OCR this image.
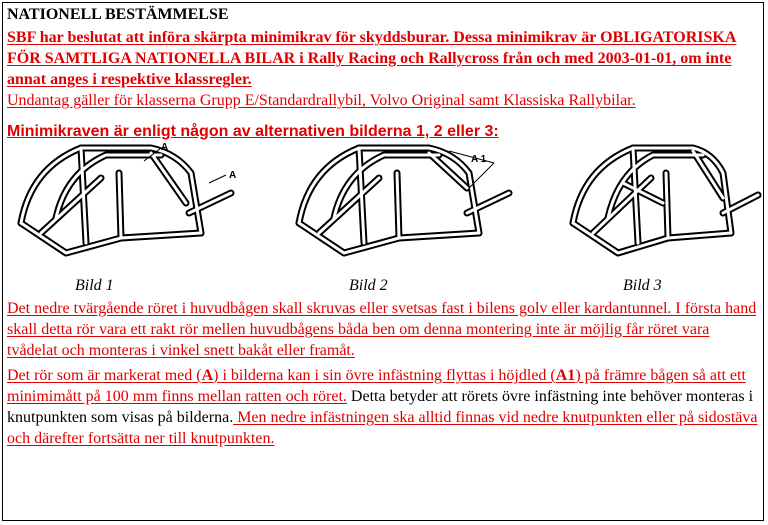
NATIONELL BESTÄMMELSE

SBF har beslutat att införa skärpta minimikrav för skyddsburar. Dessa minimikrav är OBLIGATORISKA FÖR SAMTLIGA NATIONELLA BILAR i Rally Racing och Rallycross från och med 2003-01-01, om inte annat anges i respektive klassregler.
Undantag gäller för klasserna Grupp E/Standardrallybil, Volvo Original samt Klassiska Rallybilar.

Minimikraven är enligt någon av alternativen bilderna 1, 2 eller 3:
A
A
Bild 1
A 1
Bild 2	Bild 3

Det nedre tvärgående röret i huvudbågen skall skruvas eller svetsas fast i bilens golv eller kardantunnel. I första hand skall detta rör vara ett rakt rör mellen huvudbågens båda ben om denna montering inte är möjlig får röret vara tvådelat och monteras i vinkel snett bakåt eller framåt.

Det rör som är markerat med (A) i bilderna kan i sin övre infästning flyttas i höjdled (A1) på främre bågen så att ett minimimått på 100 mm finns mellan ratten och röret. Detta betyder att rörets övre infästning inte behöver monteras i knutpunkten som visas på bilderna. Men nedre infästningen ska alltid finnas vid nedre knutpunkten eller på sidostäva och därefter fortsätta ner till knutpunkten.
